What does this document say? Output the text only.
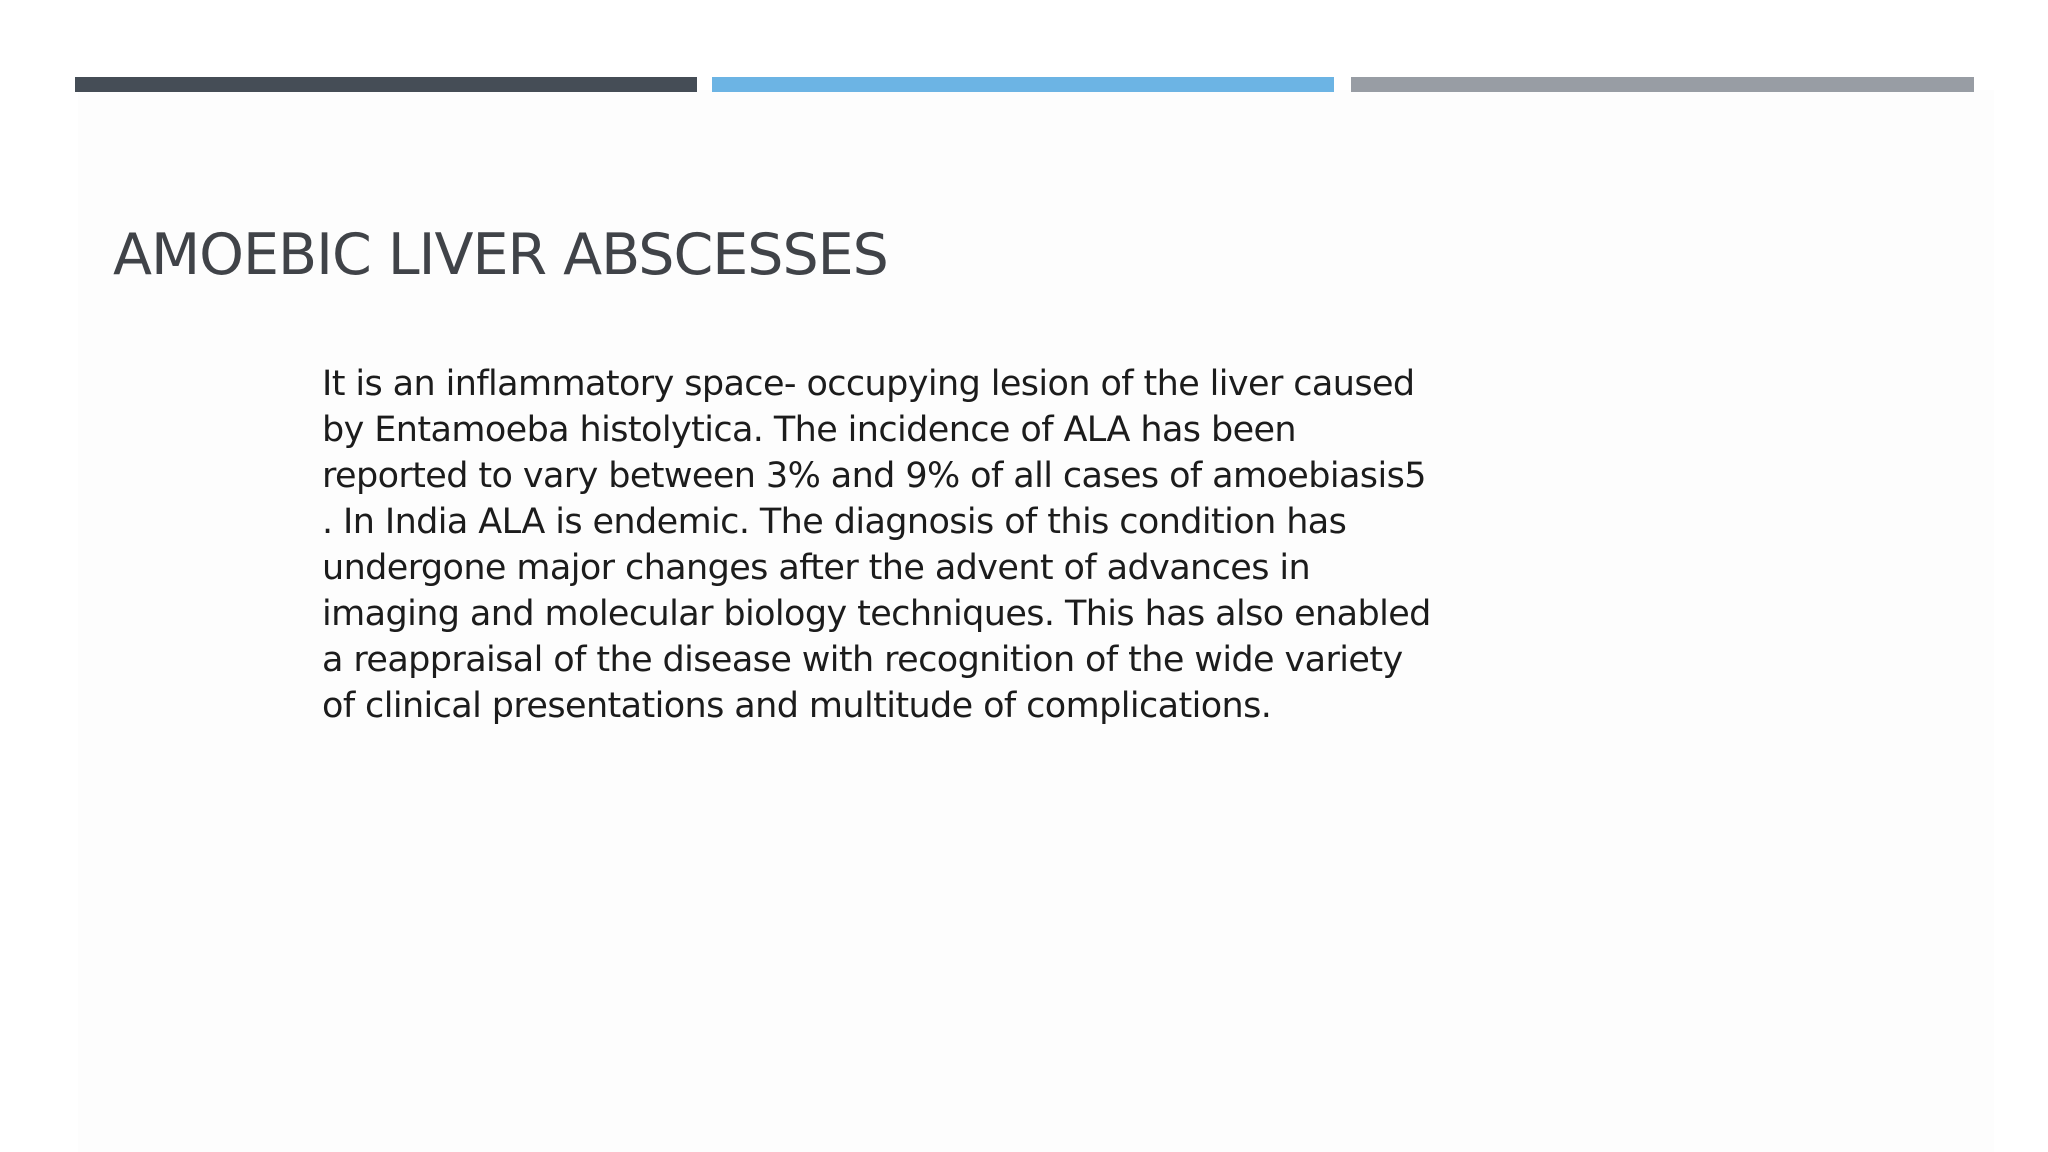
AMOEBIC LIVER ABSCESSES

It is an inflammatory space- occupying lesion of the liver caused by Entamoeba histolytica. The incidence of ALA has been reported to vary between 3% and 9% of all cases of amoebiasis5 . In India ALA is endemic. The diagnosis of this condition has undergone major changes after the advent of advances in imaging and molecular biology techniques. This has also enabled a reappraisal of the disease with recognition of the wide variety of clinical presentations and multitude of complications.
